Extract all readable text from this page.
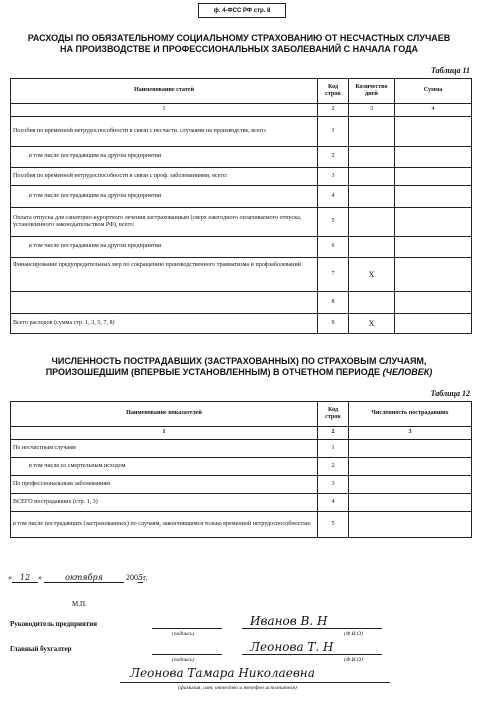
ф. 4-ФСС РФ стр. 8
РАСХОДЫ ПО ОБЯЗАТЕЛЬНОМУ СОЦИАЛЬНОМУ СТРАХОВАНИЮ ОТ НЕСЧАСТНЫХ СЛУЧАЕВ
НА ПРОИЗВОДСТВЕ И ПРОФЕССИОНАЛЬНЫХ ЗАБОЛЕВАНИЙ С НАЧАЛА ГОДА
Таблица 11
Наименование статей	Код строк	Количество дней	Сумма
1	2	3	4
Пособия по временной нетрудоспособности в связи с несчастн. случаями на производстве, всего:	1		
в том числе пострадавшим на другом предприятии	2		
Пособия по временной нетрудоспособности в связи с проф. заболеваниями, всего:	3		
в том числе пострадавшим на другом предприятии	4		
Оплата отпуска для санаторно-курортного лечения застрахованным (сверх ежегодного оплачиваемого отпуска, установленного законодательством РФ), всего:	5		
в том числе пострадавшим на другом предприятии	6		
Финансирование предупредительных мер по сокращению производственного травматизма и профзаболеваний	7	Х	
	8		
Всего расходов (сумма стр. 1, 3, 5, 7, 8)	9	Х	
ЧИСЛЕННОСТЬ ПОСТРАДАВШИХ (ЗАСТРАХОВАННЫХ) ПО СТРАХОВЫМ СЛУЧАЯМ,
ПРОИЗОШЕДШИМ (ВПЕРВЫЕ УСТАНОВЛЕННЫМ) В ОТЧЕТНОМ ПЕРИОДЕ (ЧЕЛОВЕК)
Таблица 12
Наименование показателей	Код строк	Численность пострадавших
1	2	3
По несчастным случаям	1	
в том числе со смертельным исходом	2	
По профессиональным заболеваниям	3	
ВСЕГО пострадавших (стр. 1, 3)	4	
в том числе пострадавших (застрахованных) по случаям, закончившимся только временной нетрудоспособностью	5	
« 12 »	октября	2005г.
М.П.
Руководитель предприятия
(подпись)
Иванов В. Н
(Ф.И.О)
Главный бухгалтер
(подпись)
Леонова Т. Н
(Ф.И.О)
Леонова Тамара Николаевна
(фамилия, имя, отчество и телефон исполнителя)
